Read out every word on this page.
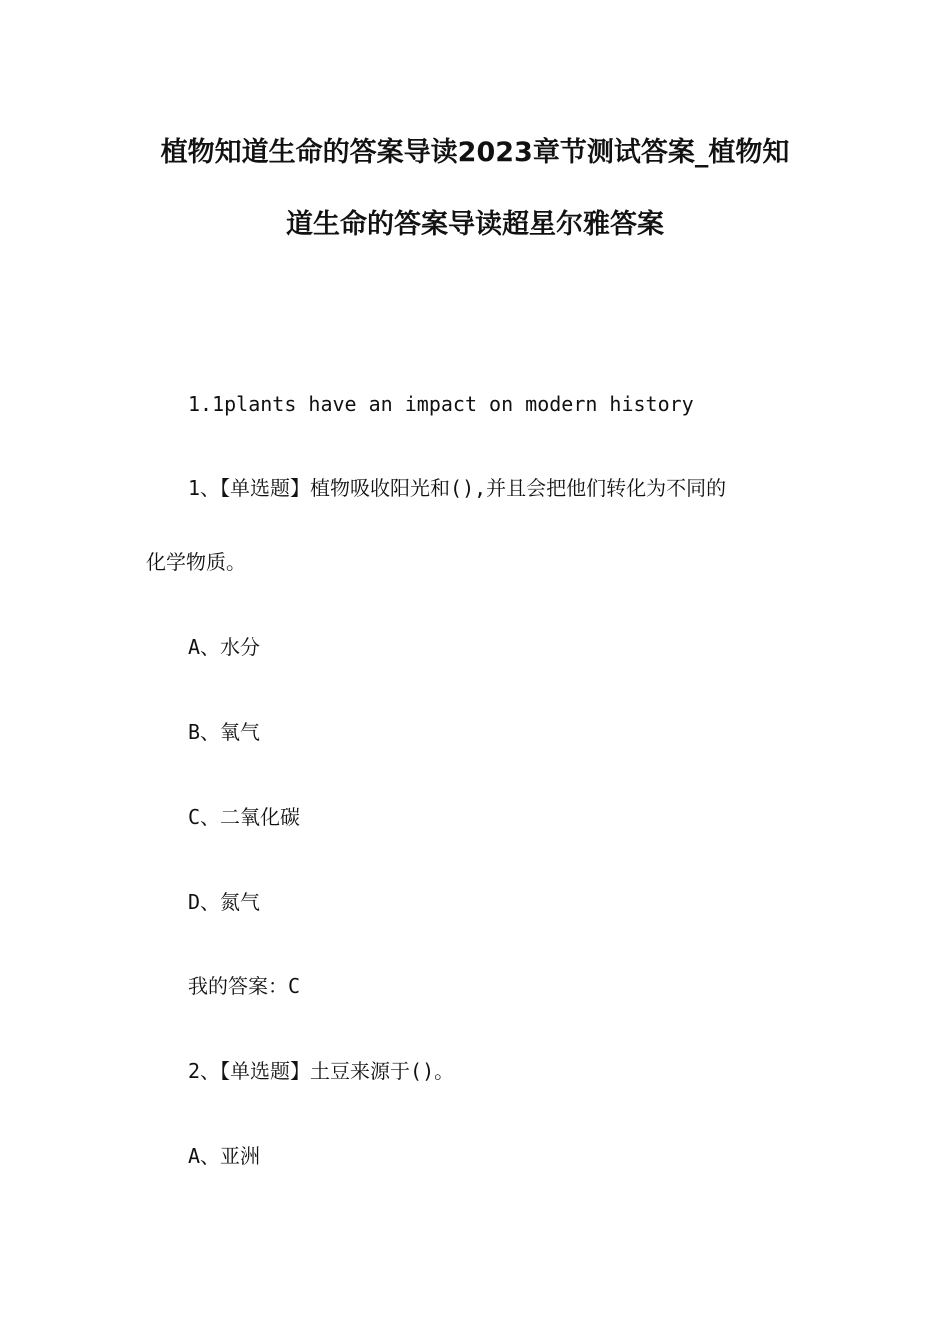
植物知道生命的答案导读2023章节测试答案_植物知
道生命的答案导读超星尔雅答案

1.1plants have an impact on modern history

1、【单选题】植物吸收阳光和(),并且会把他们转化为不同的

化学物质。

A、水分

B、氧气

C、二氧化碳

D、氮气

我的答案：C

2、【单选题】土豆来源于()。

A、亚洲
